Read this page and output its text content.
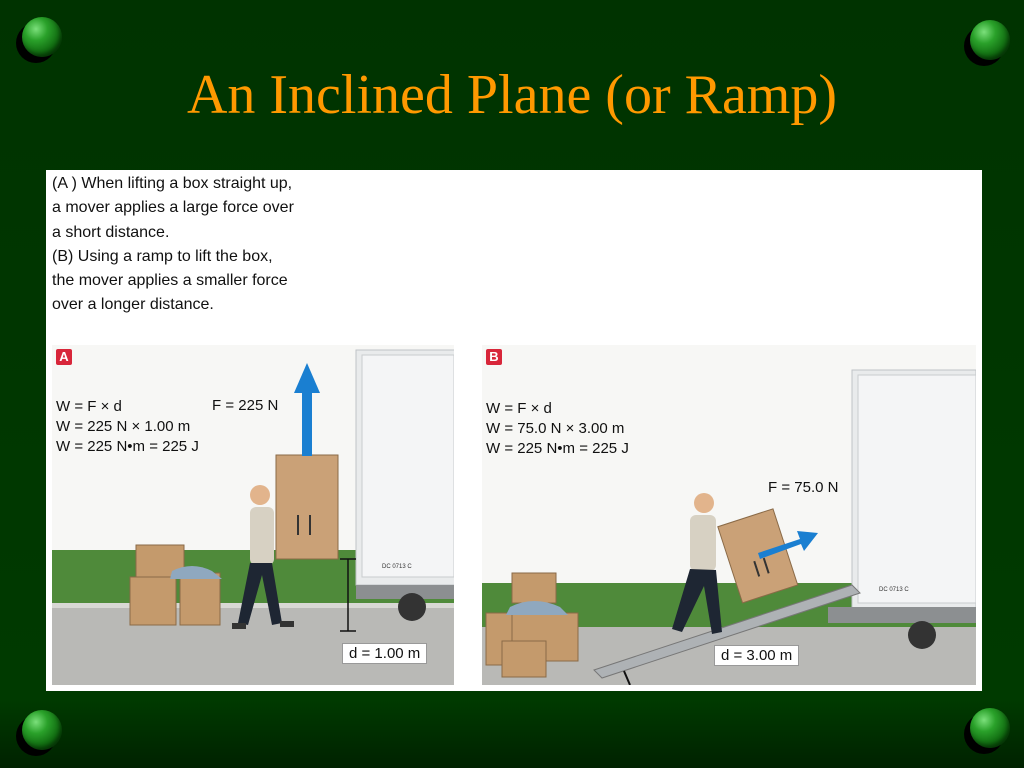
An Inclined Plane (or Ramp)
(A ) When lifting a box straight up,
a mover applies a large force over
a short distance.
(B) Using a ramp to lift the box,
the mover applies a smaller force
over a longer distance.
DC 0713 C
A
W = F × d
W = 225 N × 1.00 m
W = 225 N•m = 225 J
F = 225 N
d = 1.00 m
DC 0713 C
B
W = F × d
W = 75.0 N × 3.00 m
W = 225 N•m = 225 J
F = 75.0 N
d = 3.00 m
